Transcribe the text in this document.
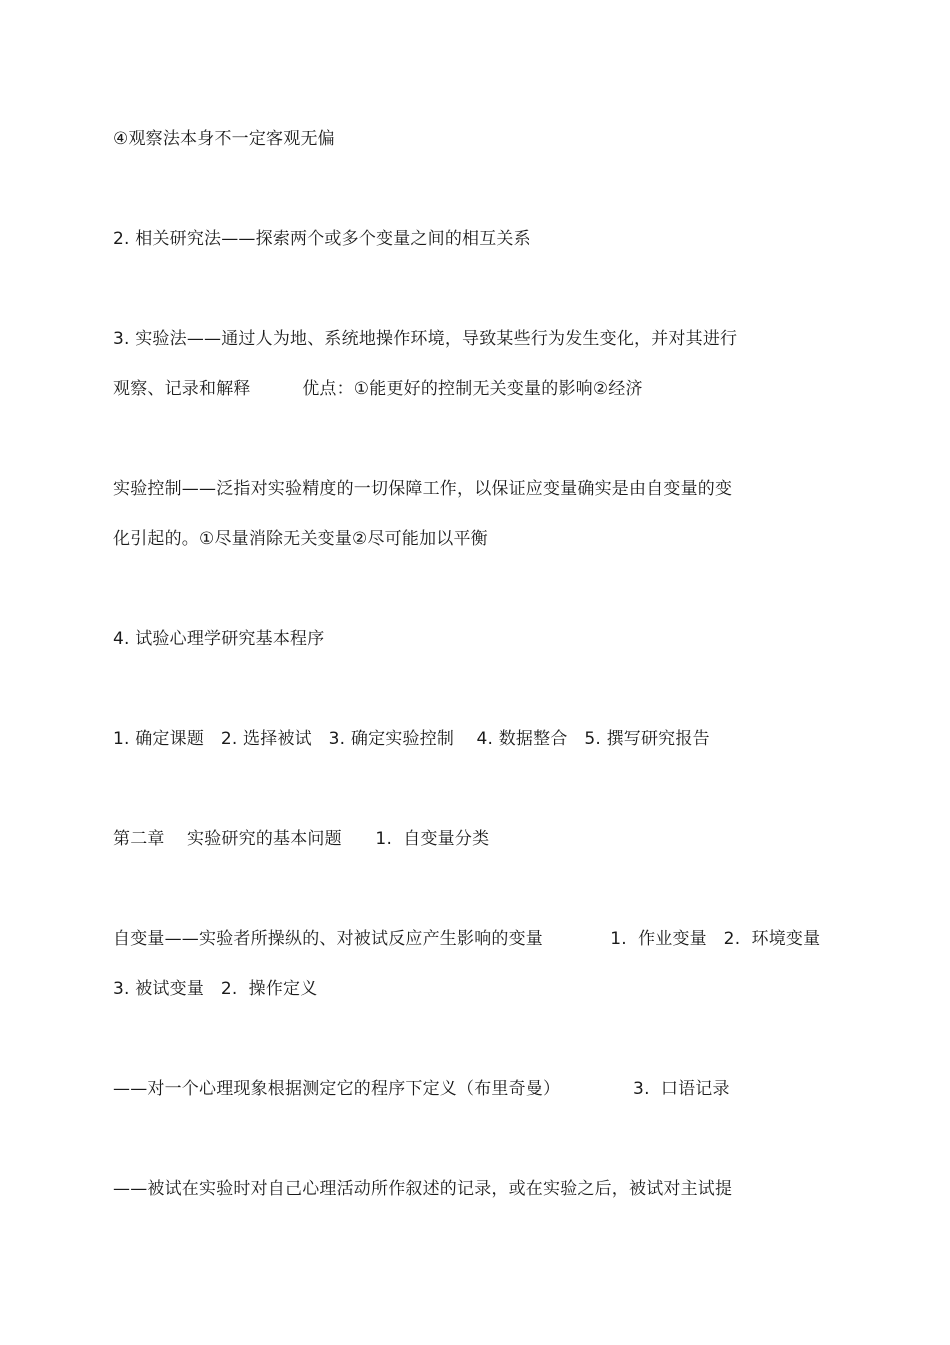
④观察法本身不一定客观无偏
2. 相关研究法——探索两个或多个变量之间的相互关系
3. 实验法——通过人为地、系统地操作环境，导致某些行为发生变化，并对其进行
观察、记录和解释　　　优点：①能更好的控制无关变量的影响②经济
实验控制——泛指对实验精度的一切保障工作，以保证应变量确实是由自变量的变
化引起的。①尽量消除无关变量②尽可能加以平衡
4. 试验心理学研究基本程序
1. 确定课题   2. 选择被试   3. 确定实验控制    4. 数据整合   5. 撰写研究报告
第二章    实验研究的基本问题      1.  自变量分类
自变量——实验者所操纵的、对被试反应产生影响的变量            1.  作业变量   2.  环境变量
3. 被试变量   2.  操作定义
——对一个心理现象根据测定它的程序下定义（布里奇曼）             3.  口语记录
——被试在实验时对自己心理活动所作叙述的记录，或在实验之后，被试对主试提
